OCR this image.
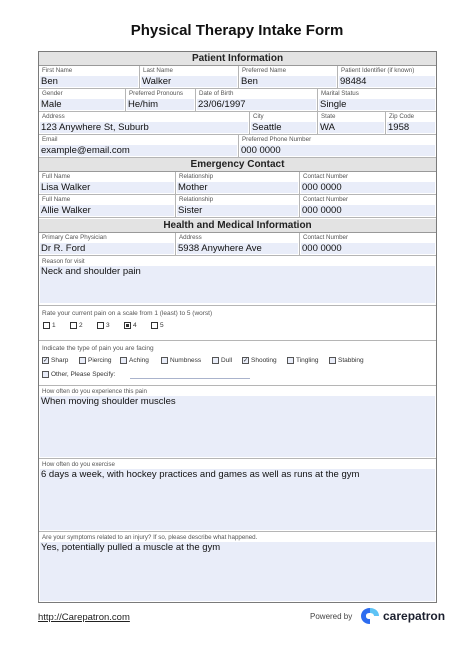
Physical Therapy Intake Form
Patient Information
First Name
Ben
Last Name
Walker
Preferred Name
Ben
Patient Identifier (if known)
98484
Gender
Male
Preferred Pronouns
He/him
Date of Birth
23/06/1997
Marital Status
Single
Address
123 Anywhere St, Suburb
City
Seattle
State
WA
Zip Code
1958
Email
example@email.com
Preferred Phone Number
000 0000
Emergency Contact
Full Name
Lisa Walker
Relationship
Mother
Contact Number
000 0000
Full Name
Allie Walker
Relationship
Sister
Contact Number
000 0000
Health and Medical Information
Primary Care Physician
Dr R. Ford
Address
5938 Anywhere Ave
Contact Number
000 0000
Reason for visit
Neck and shoulder pain
Rate your current pain on a scale from 1 (least) to 5 (worst)
Indicate the type of pain you are facing
Other, Please Specify:
How often do you experience this pain
When moving shoulder muscles
How often do you exercise
6 days a week, with hockey practices and games as well as runs at the gym
Are your symptoms related to an injury? If so, please describe what happened.
Yes, potentially pulled a muscle at the gym
1	2	3	4	5
✓ Sharp	Piercing	Aching	Numbness	Dull ✓ Shooting	Tingling	Stabbing
http://Carepatron.com	Powered by	carepatron
